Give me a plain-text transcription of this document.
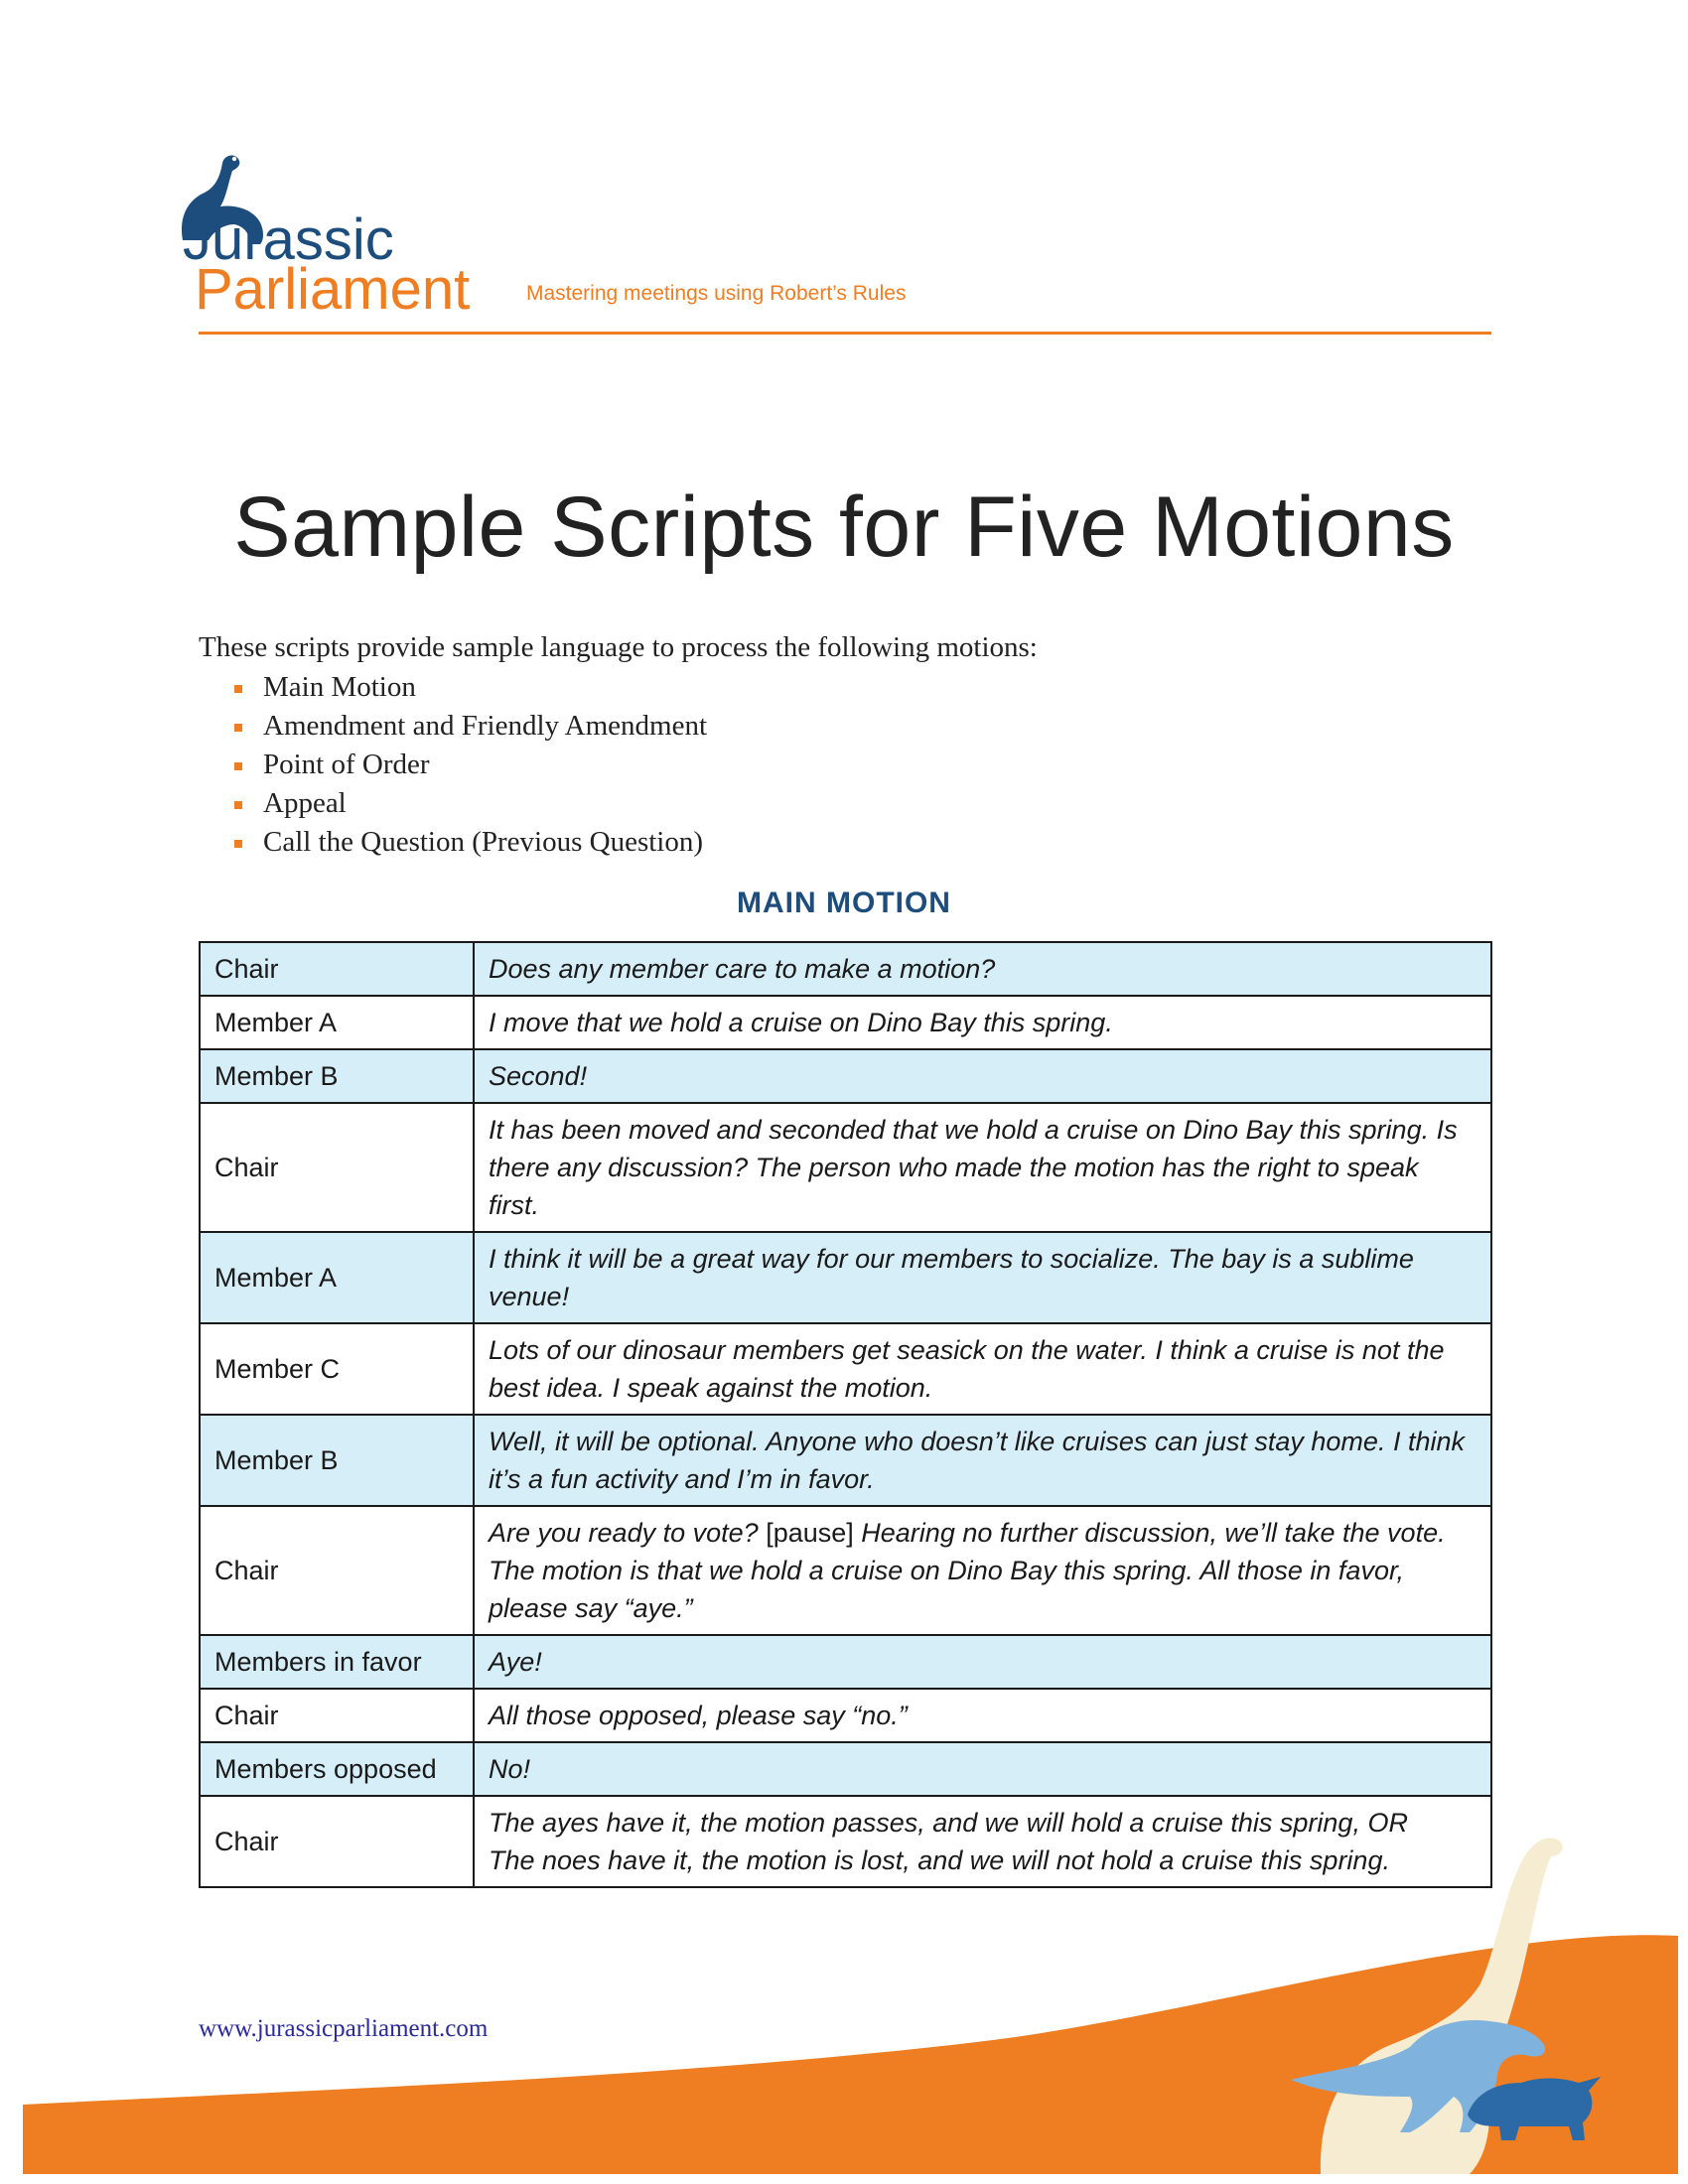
Jurassic
Parliament	Mastering meetings using Robert’s Rules
Sample Scripts for Five Motions
These scripts provide sample language to process the following motions:
Main Motion
Amendment and Friendly Amendment
Point of Order
Appeal
Call the Question (Previous Question)
MAIN MOTION
Chair	Does any member care to make a motion?
Member A	I move that we hold a cruise on Dino Bay this spring.
Member B	Second!
Chair	It has been moved and seconded that we hold a cruise on Dino Bay this spring. Is there any discussion? The person who made the motion has the right to speak first.
Member A	I think it will be a great way for our members to socialize. The bay is a sublime venue!
Member C	Lots of our dinosaur members get seasick on the water. I think a cruise is not the best idea. I speak against the motion.
Member B	Well, it will be optional. Anyone who doesn’t like cruises can just stay home. I think it’s a fun activity and I’m in favor.
Chair	Are you ready to vote? [pause] Hearing no further discussion, we’ll take the vote. The motion is that we hold a cruise on Dino Bay this spring. All those in favor, please say “aye.”
Members in favor	Aye!
Chair	All those opposed, please say “no.”
Members opposed	No!
Chair	The ayes have it, the motion passes, and we will hold a cruise this spring, OR
The noes have it, the motion is lost, and we will not hold a cruise this spring.
www.jurassicparliament.com
